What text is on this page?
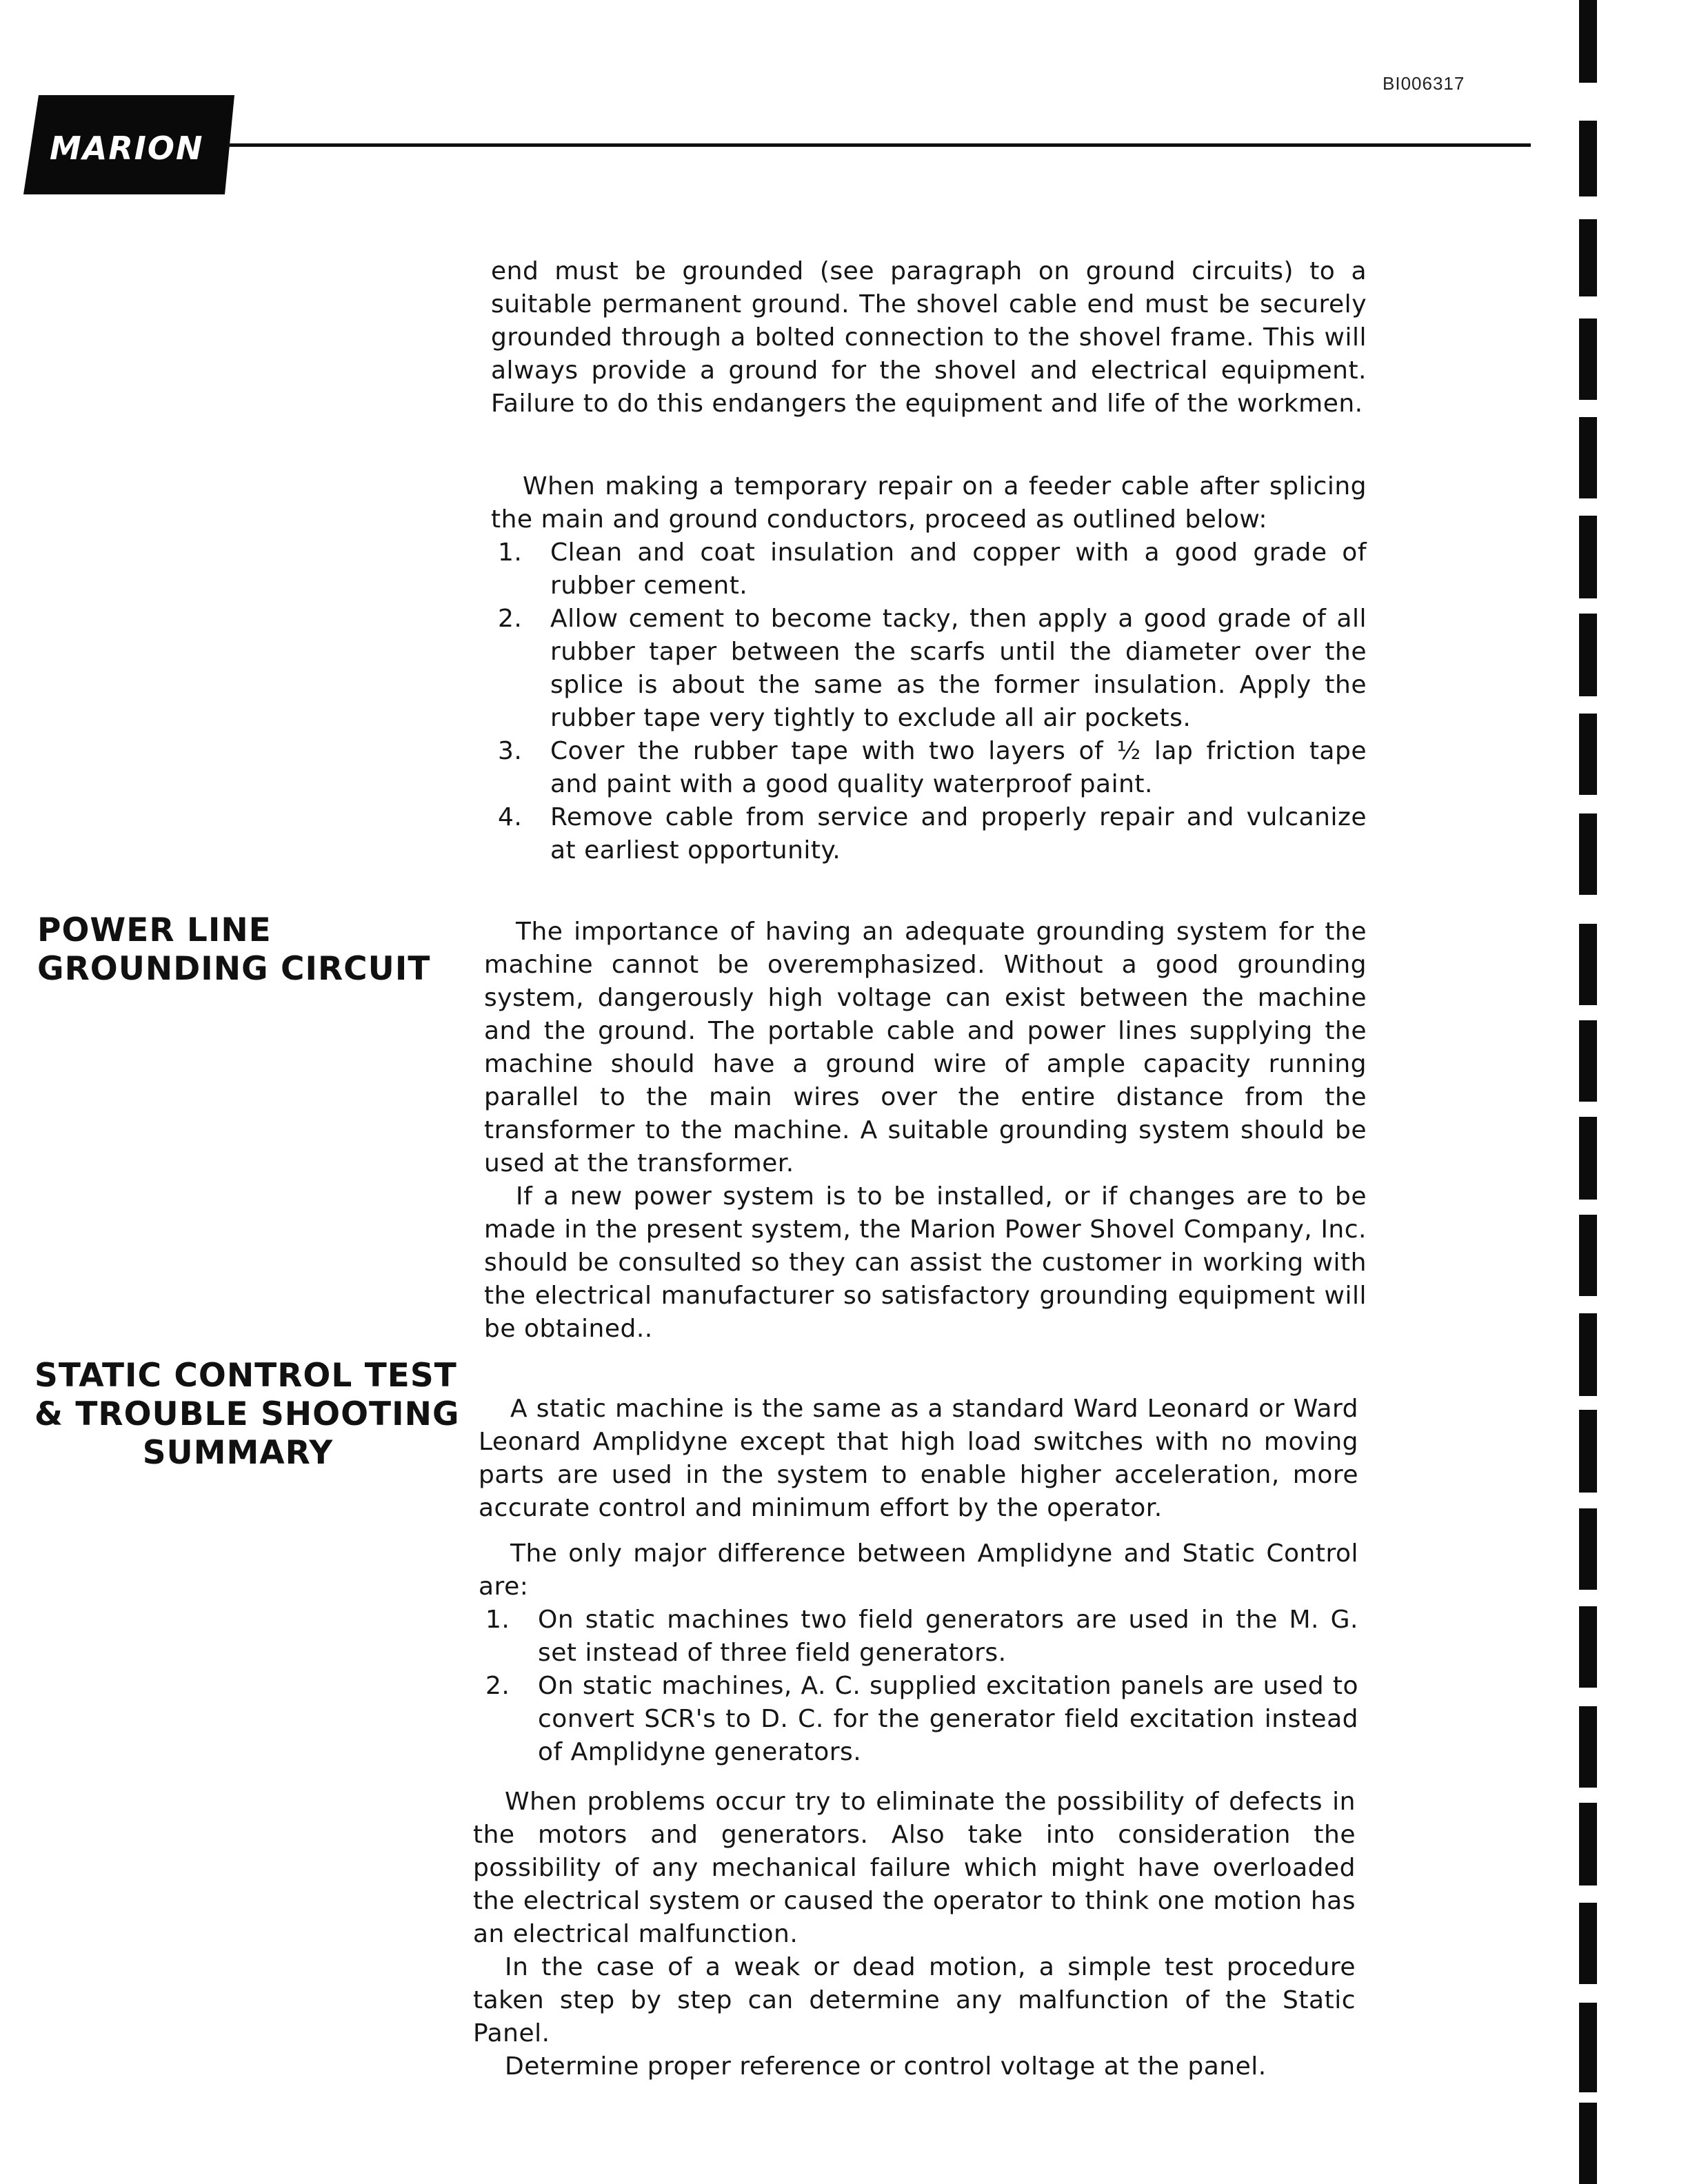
BI006317
MARION

end must be grounded (see paragraph on ground circuits) to a suitable permanent ground. The shovel cable end must be securely grounded through a bolted connection to the shovel frame. This will always provide a ground for the shovel and electrical equipment. Failure to do this endangers the equipment and life of the workmen.

When making a temporary repair on a feeder cable after splicing the main and ground conductors, proceed as outlined below:

1.	Clean and coat insulation and copper with a good grade of rubber cement.
2.	Allow cement to become tacky, then apply a good grade of all rubber taper between the scarfs until the diameter over the splice is about the same as the former insulation. Apply the rubber tape very tightly to exclude all air pockets.
3.	Cover the rubber tape with two layers of ½ lap friction tape and paint with a good quality waterproof paint.
4.	Remove cable from service and properly repair and vulcanize at earliest opportunity.
POWER LINE
GROUNDING CIRCUIT

The importance of having an adequate grounding system for the machine cannot be overemphasized. Without a good grounding system, dangerously high voltage can exist between the machine and the ground. The portable cable and power lines supplying the machine should have a ground wire of ample capacity running parallel to the main wires over the entire distance from the transformer to the machine. A suitable grounding system should be used at the transformer.

If a new power system is to be installed, or if changes are to be made in the present system, the Marion Power Shovel Company, Inc. should be consulted so they can assist the customer in working with the electrical manufacturer so satisfactory grounding equipment will be obtained..

STATIC CONTROL TEST
& TROUBLE SHOOTING
SUMMARY

A static machine is the same as a standard Ward Leonard or Ward Leonard Amplidyne except that high load switches with no moving parts are used in the system to enable higher acceleration, more accurate control and minimum effort by the operator.

The only major difference between Amplidyne and Static Control are:

1.	On static machines two field generators are used in the M. G. set instead of three field generators.
2.	On static machines, A. C. supplied excitation panels are used to convert SCR's to D. C. for the generator field excitation instead of Amplidyne generators.

When problems occur try to eliminate the possibility of defects in the motors and generators. Also take into consideration the possibility of any mechanical failure which might have overloaded the electrical system or caused the operator to think one motion has an electrical malfunction.

In the case of a weak or dead motion, a simple test procedure taken step by step can determine any malfunction of the Static Panel.

Determine proper reference or control voltage at the panel.
